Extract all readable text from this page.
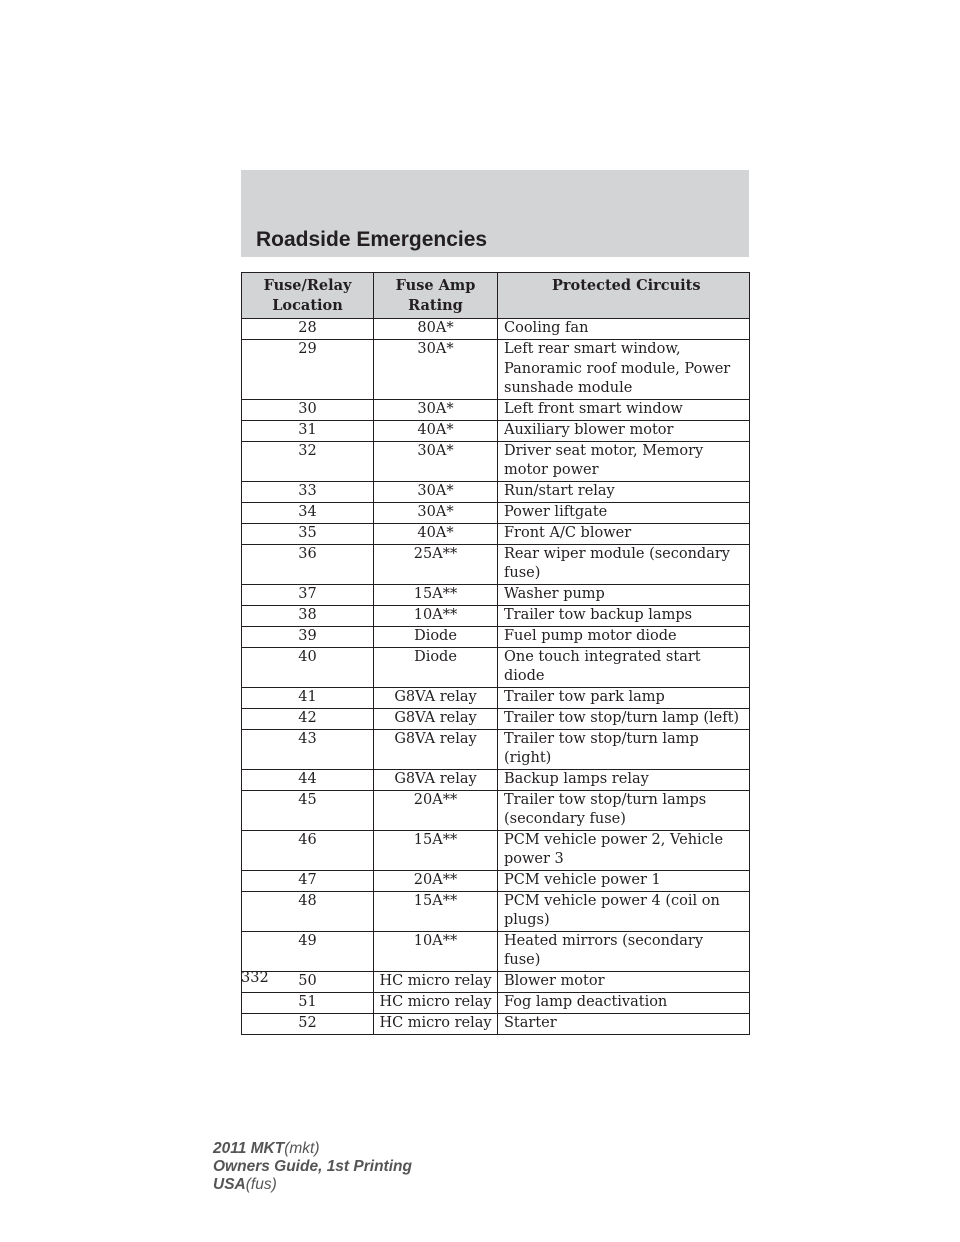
Roadside Emergencies
Fuse/Relay Location	Fuse Amp Rating	Protected Circuits
28	80A*	Cooling fan
29	30A*	Left rear smart window, Panoramic roof module, Power sunshade module
30	30A*	Left front smart window
31	40A*	Auxiliary blower motor
32	30A*	Driver seat motor, Memory motor power
33	30A*	Run/start relay
34	30A*	Power liftgate
35	40A*	Front A/C blower
36	25A**	Rear wiper module (secondary fuse)
37	15A**	Washer pump
38	10A**	Trailer tow backup lamps
39	Diode	Fuel pump motor diode
40	Diode	One touch integrated start diode
41	G8VA relay	Trailer tow park lamp
42	G8VA relay	Trailer tow stop/turn lamp (left)
43	G8VA relay	Trailer tow stop/turn lamp (right)
44	G8VA relay	Backup lamps relay
45	20A**	Trailer tow stop/turn lamps (secondary fuse)
46	15A**	PCM vehicle power 2, Vehicle power 3
47	20A**	PCM vehicle power 1
48	15A**	PCM vehicle power 4 (coil on plugs)
49	10A**	Heated mirrors (secondary fuse)
50	HC micro relay	Blower motor
51	HC micro relay	Fog lamp deactivation
52	HC micro relay	Starter

332

2011 MKT(mkt)
Owners Guide, 1st Printing
USA(fus)
